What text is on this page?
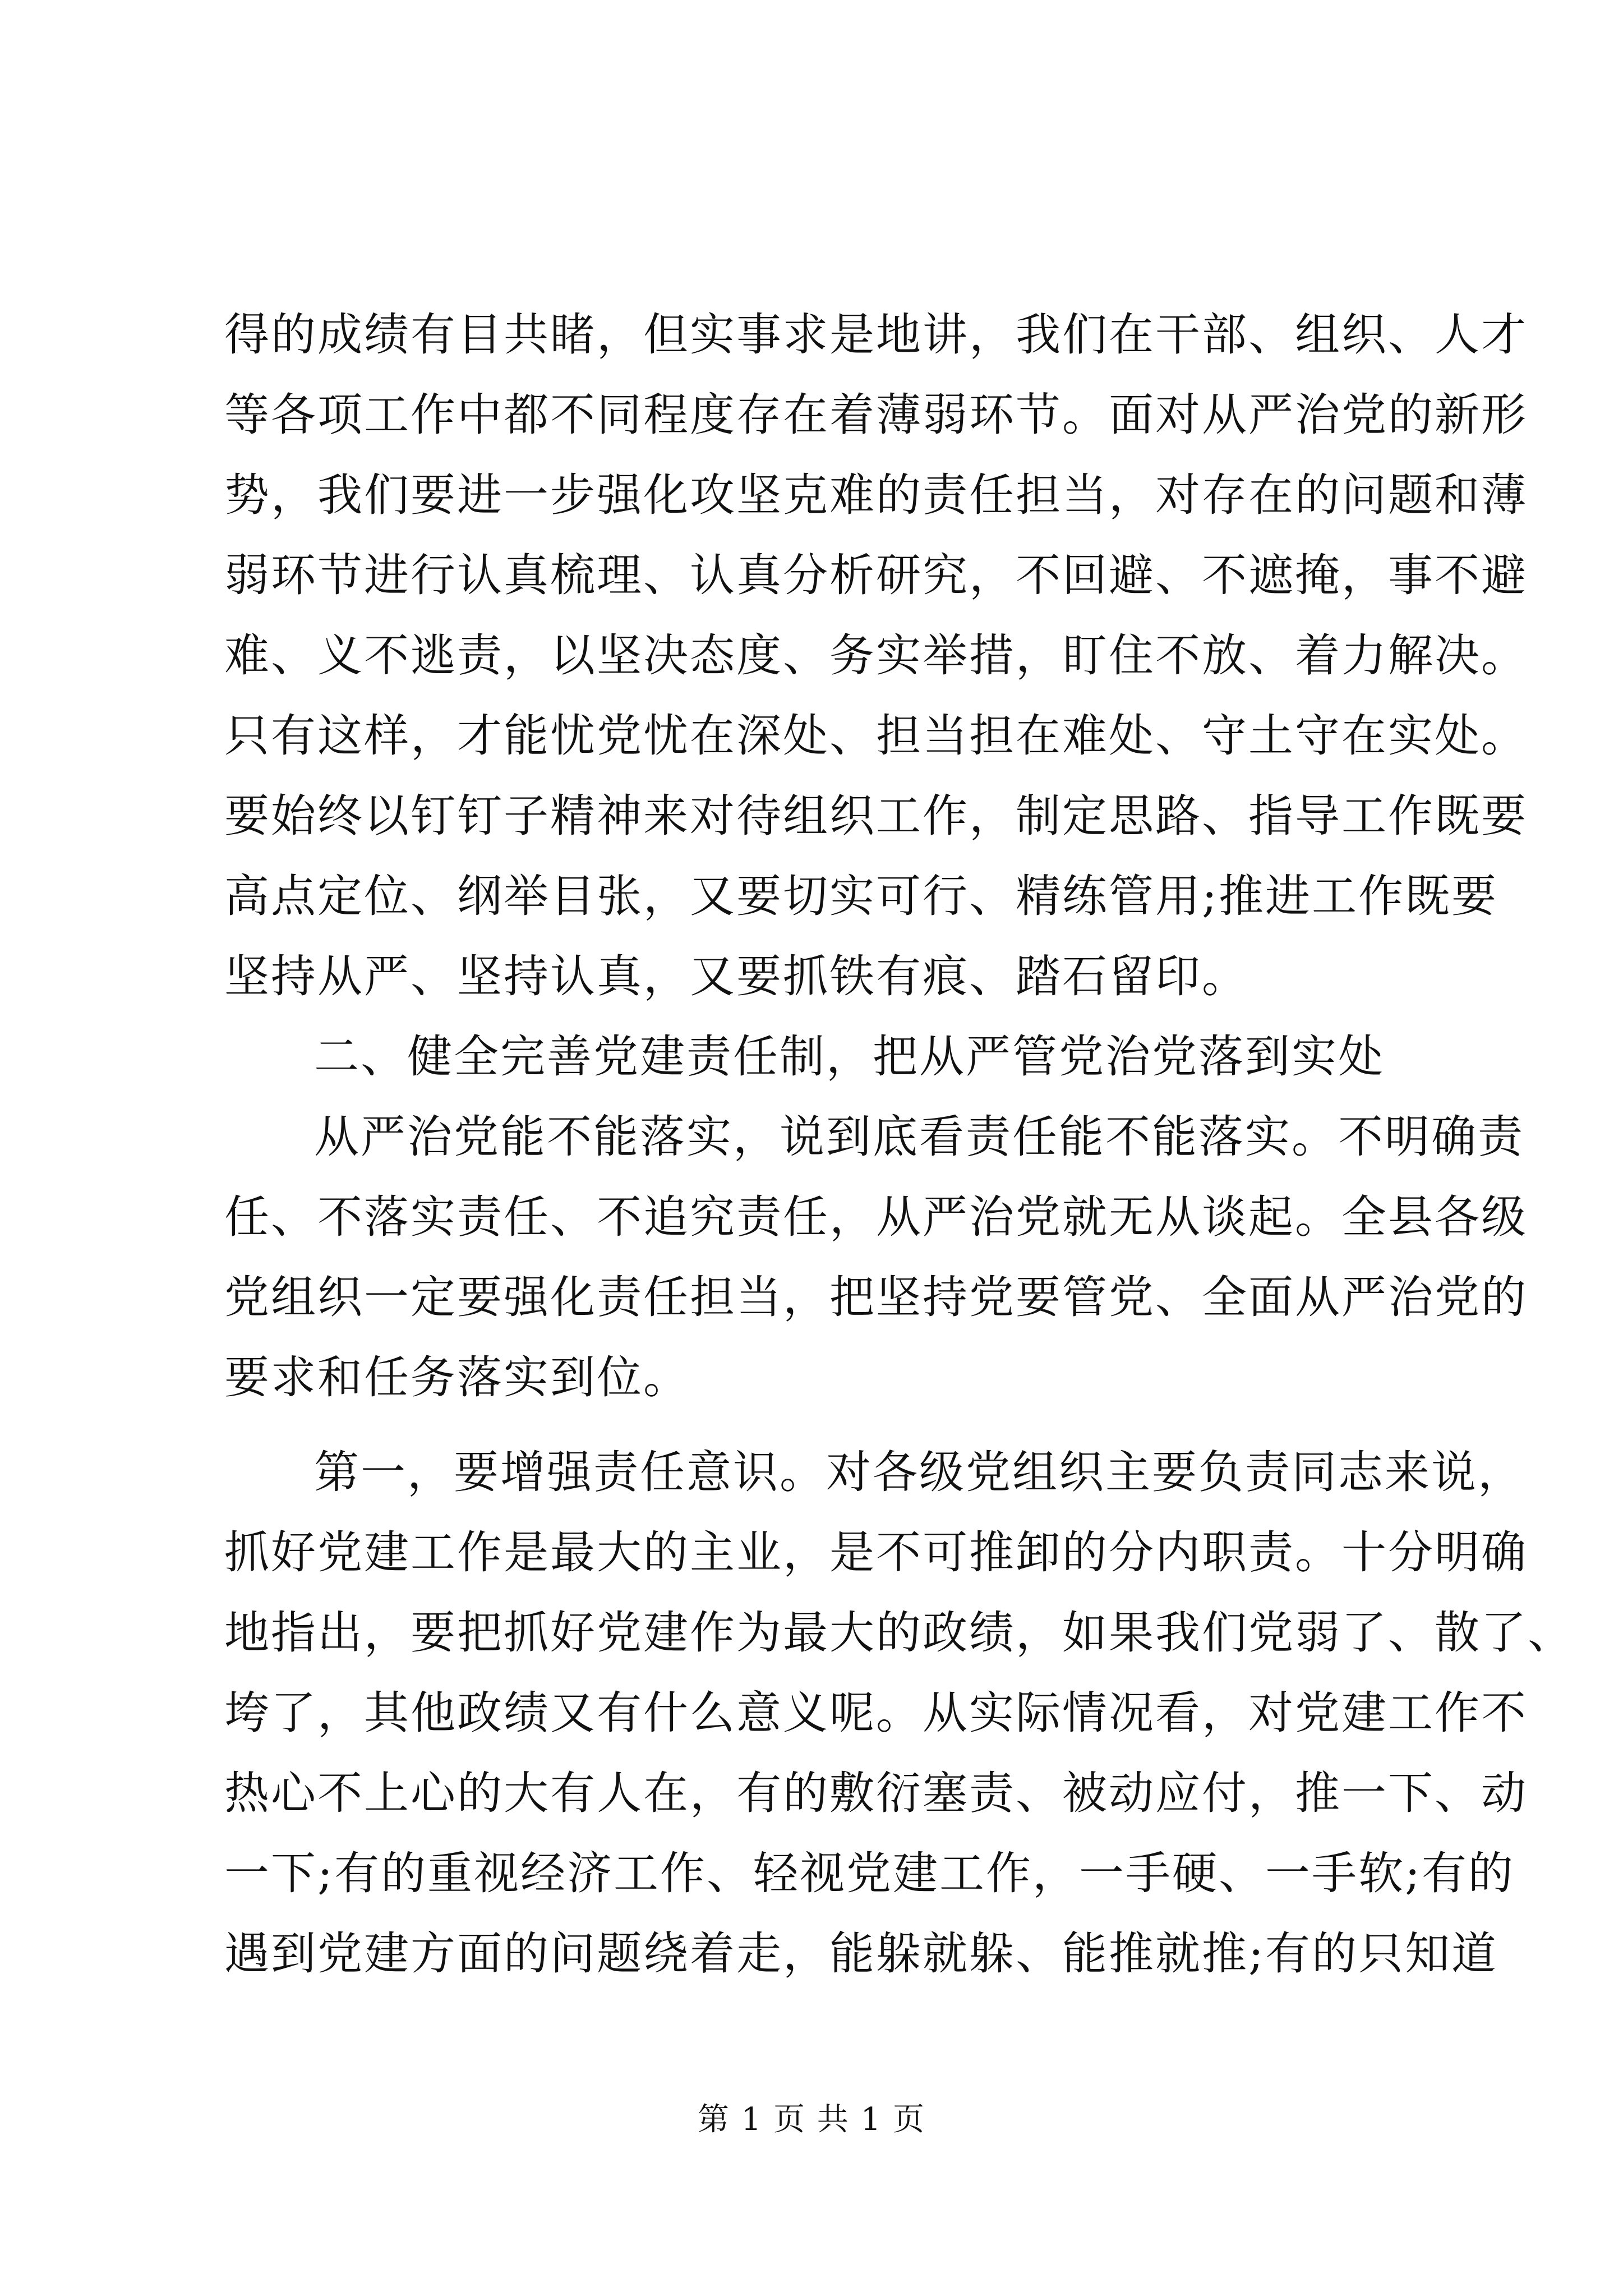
得的成绩有目共睹，但实事求是地讲，我们在干部、组织、人才
等各项工作中都不同程度存在着薄弱环节。面对从严治党的新形
势，我们要进一步强化攻坚克难的责任担当，对存在的问题和薄
弱环节进行认真梳理、认真分析研究，不回避、不遮掩，事不避
难、义不逃责，以坚决态度、务实举措，盯住不放、着力解决。
只有这样，才能忧党忧在深处、担当担在难处、守土守在实处。
要始终以钉钉子精神来对待组织工作，制定思路、指导工作既要
高点定位、纲举目张，又要切实可行、精练管用;推进工作既要
坚持从严、坚持认真，又要抓铁有痕、踏石留印。
二、健全完善党建责任制，把从严管党治党落到实处
从严治党能不能落实，说到底看责任能不能落实。不明确责
任、不落实责任、不追究责任，从严治党就无从谈起。全县各级
党组织一定要强化责任担当，把坚持党要管党、全面从严治党的
要求和任务落实到位。
第一，要增强责任意识。对各级党组织主要负责同志来说，
抓好党建工作是最大的主业，是不可推卸的分内职责。十分明确
地指出，要把抓好党建作为最大的政绩，如果我们党弱了、散了、
垮了，其他政绩又有什么意义呢。从实际情况看，对党建工作不
热心不上心的大有人在，有的敷衍塞责、被动应付，推一下、动
一下;有的重视经济工作、轻视党建工作，一手硬、一手软;有的
遇到党建方面的问题绕着走，能躲就躲、能推就推;有的只知道
第 1 页 共 1 页
